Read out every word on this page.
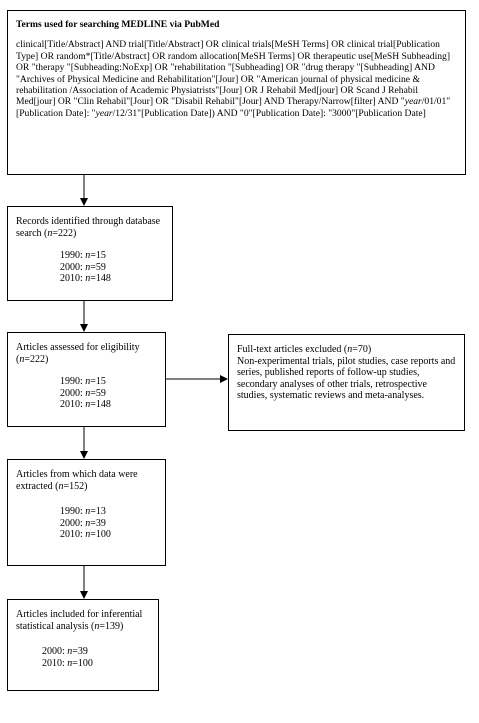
Terms used for searching MEDLINE via PubMed
clinical[Title/Abstract] AND trial[Title/Abstract] OR clinical trials[MeSH Terms] OR clinical trial[Publication Type] OR random*[Title/Abstract] OR random allocation[MeSH Terms] OR therapeutic use[MeSH Subheading] OR "therapy "[Subheading:NoExp] OR "rehabilitation "[Subheading] OR "drug therapy "[Subheading] AND "Archives of Physical Medicine and Rehabilitation"[Jour] OR "American journal of physical medicine & rehabilitation /Association of Academic Physiatrists"[Jour] OR J Rehabil Med[jour] OR Scand J Rehabil Med[jour] OR "Clin Rehabil"[Jour] OR "Disabil Rehabil"[Jour] AND Therapy/Narrow[filter] AND "year/01/01"[Publication Date]: "year/12/31"[Publication Date]) AND "0"[Publication Date]: "3000"[Publication Date]
Records identified through database search (n=222)
1990: n=15
2000: n=59
2010: n=148
Articles assessed for eligibility (n=222)
1990: n=15
2000: n=59
2010: n=148
Full-text articles excluded (n=70)
Non-experimental trials, pilot studies, case reports and series, published reports of follow-up studies, secondary analyses of other trials, retrospective studies, systematic reviews and meta-analyses.
Articles from which data were extracted (n=152)
1990: n=13
2000: n=39
2010: n=100
Articles included for inferential statistical analysis (n=139)
2000: n=39
2010: n=100
